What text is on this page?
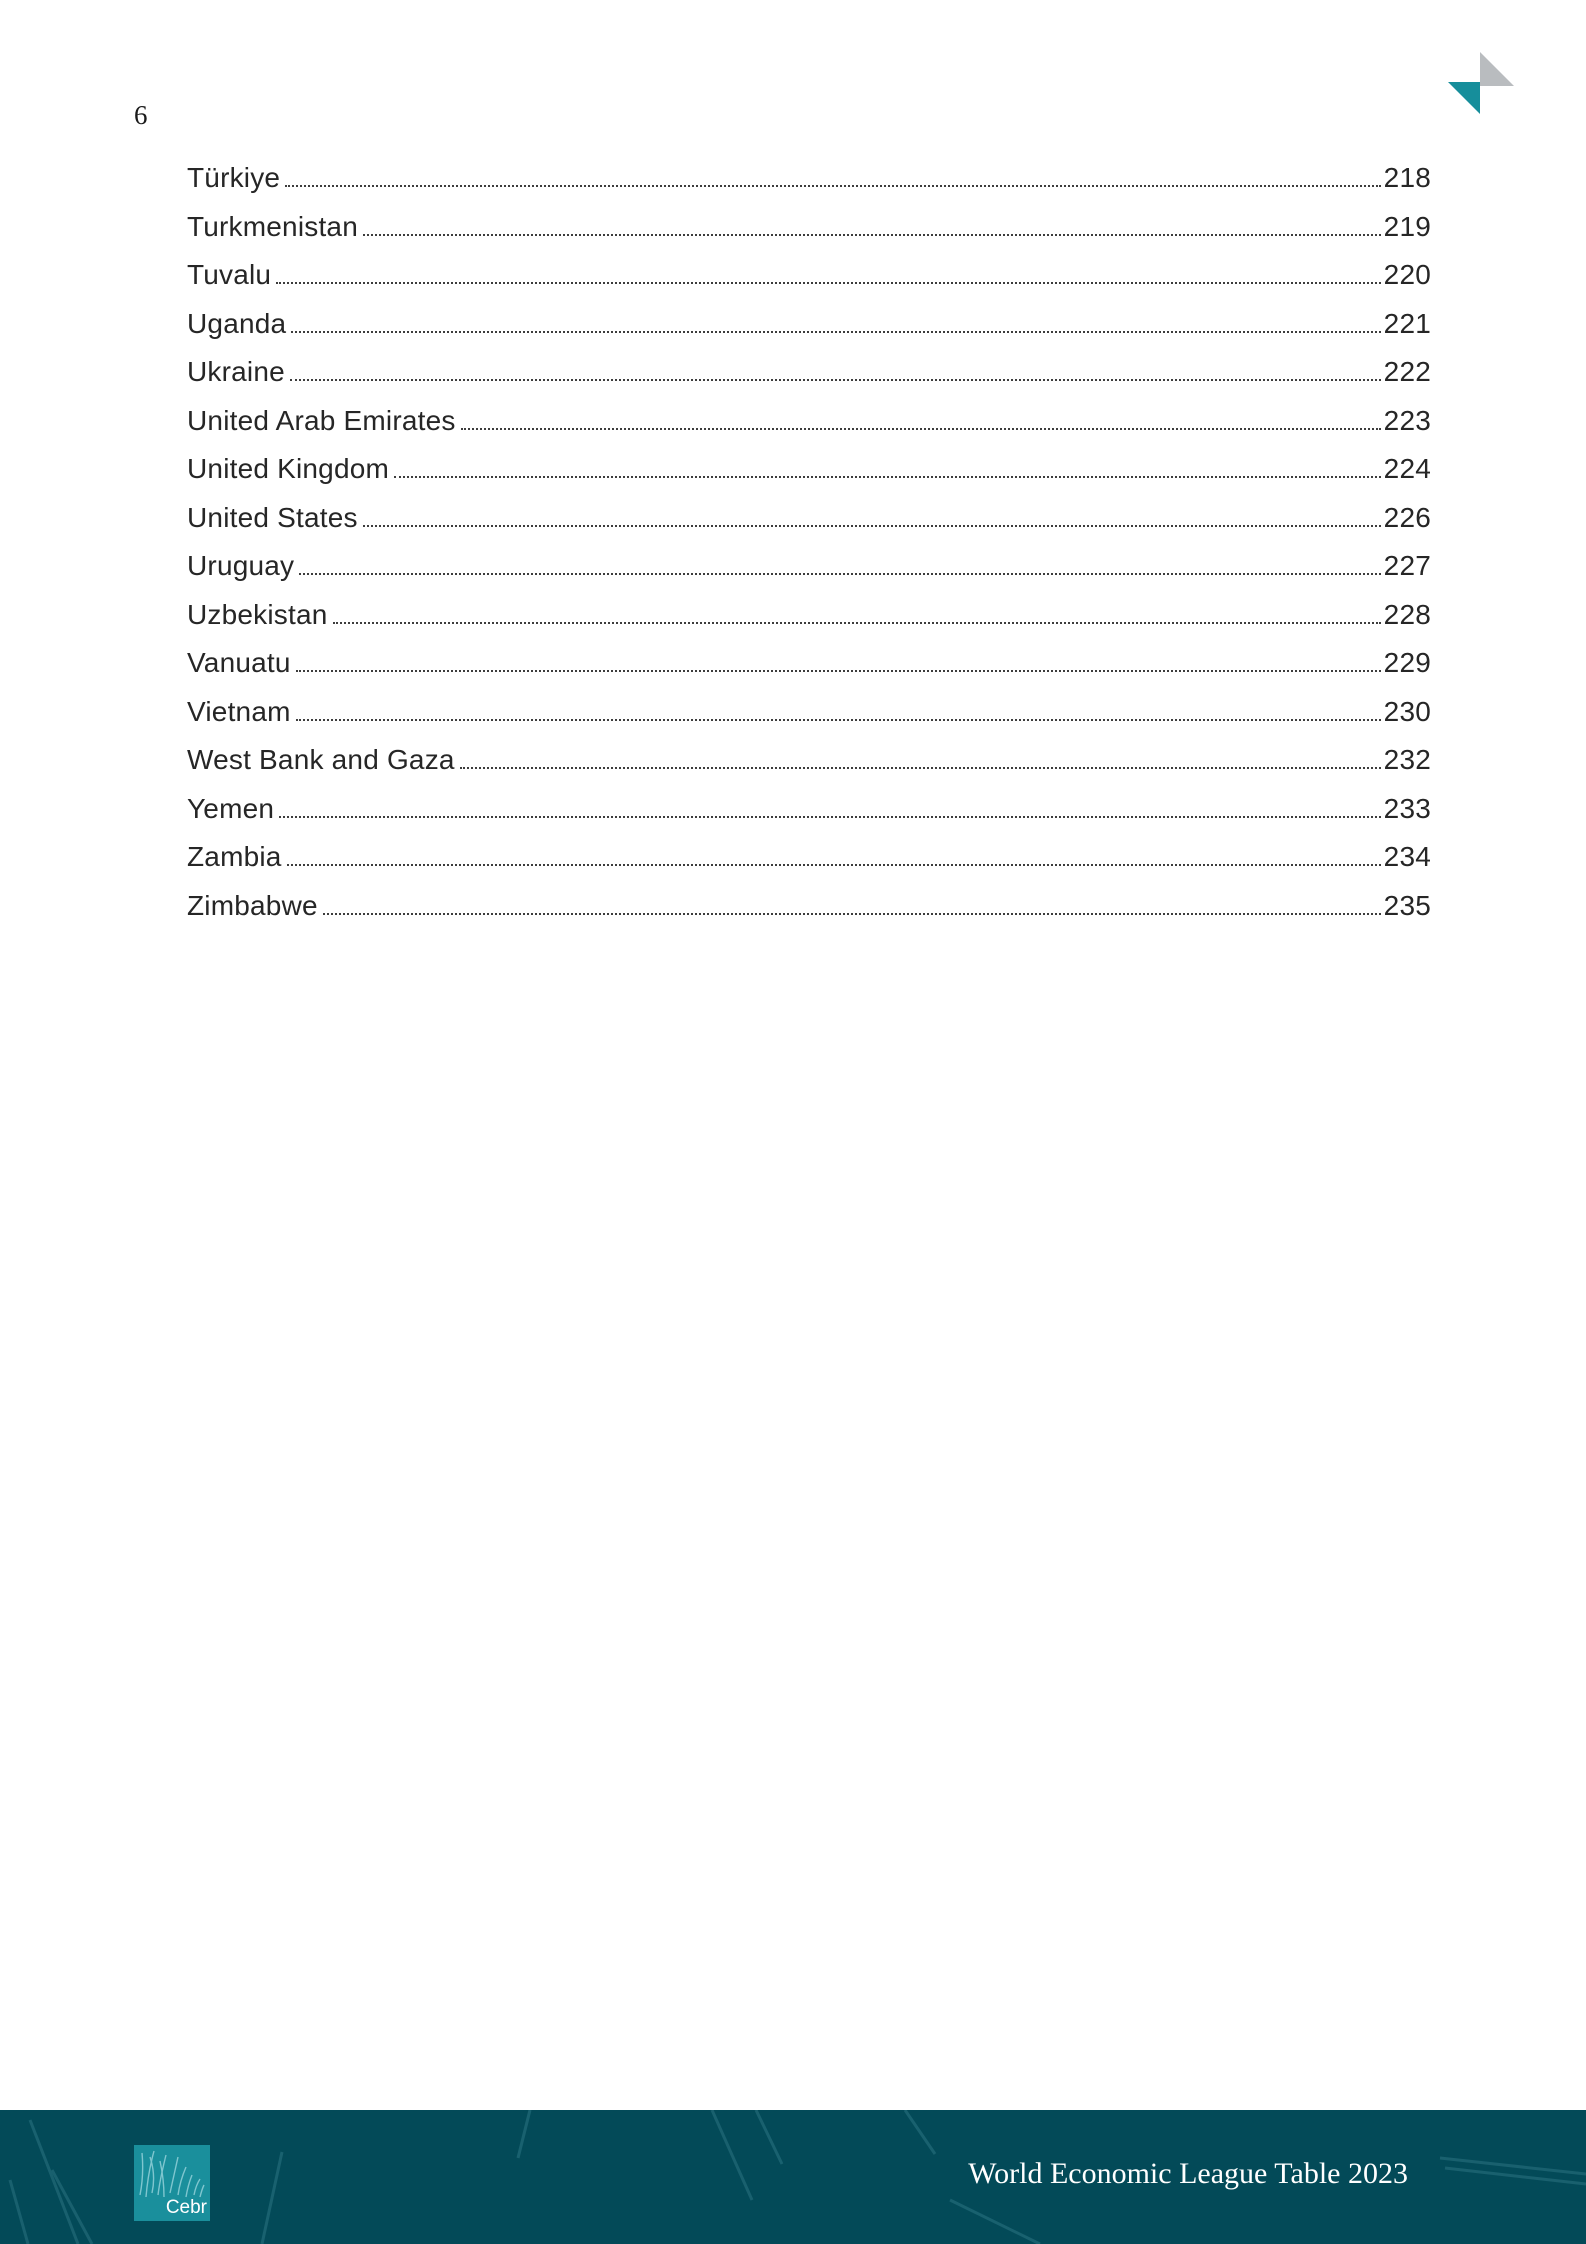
6
Türkiye	218
Turkmenistan	219
Tuvalu	220
Uganda	221
Ukraine	222
United Arab Emirates	223
United Kingdom	224
United States	226
Uruguay	227
Uzbekistan	228
Vanuatu	229
Vietnam	230
West Bank and Gaza	232
Yemen	233
Zambia	234
Zimbabwe	235
Cebr
World Economic League Table 2023
